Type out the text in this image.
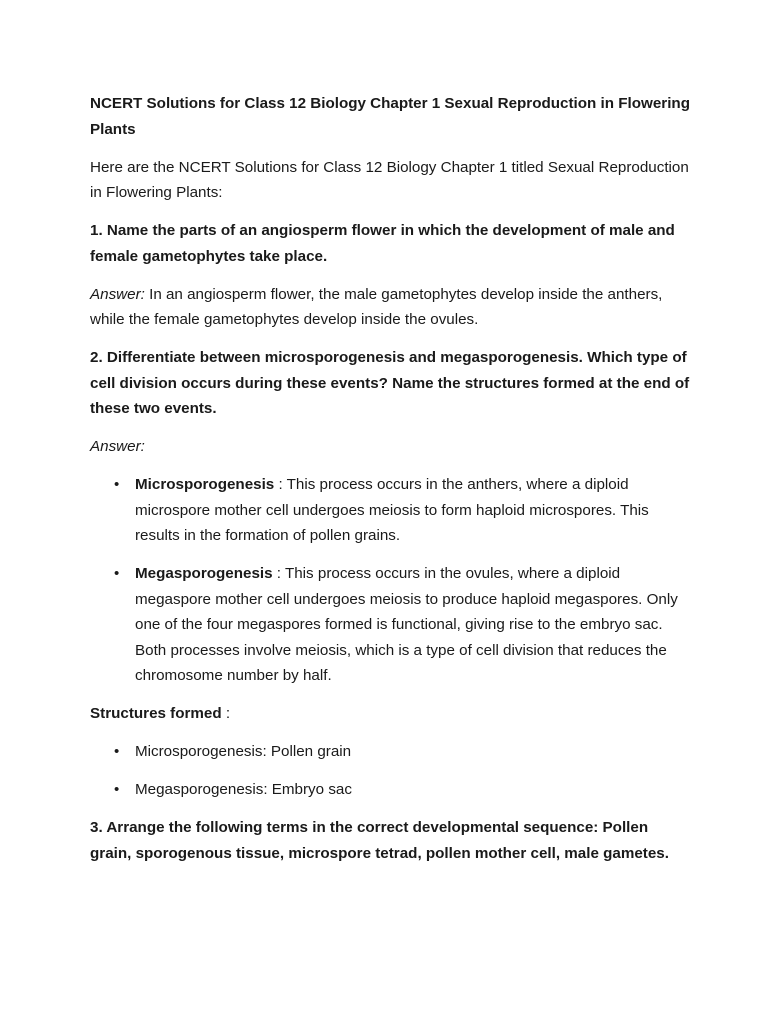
NCERT Solutions for Class 12 Biology Chapter 1 Sexual Reproduction in Flowering Plants

Here are the NCERT Solutions for Class 12 Biology Chapter 1 titled Sexual Reproduction in Flowering Plants:

1. Name the parts of an angiosperm flower in which the development of male and female gametophytes take place.

Answer: In an angiosperm flower, the male gametophytes develop inside the anthers, while the female gametophytes develop inside the ovules.

2. Differentiate between microsporogenesis and megasporogenesis. Which type of cell division occurs during these events? Name the structures formed at the end of these two events.

Answer:

• Microsporogenesis : This process occurs in the anthers, where a diploid microspore mother cell undergoes meiosis to form haploid microspores. This results in the formation of pollen grains.
• Megasporogenesis : This process occurs in the ovules, where a diploid megaspore mother cell undergoes meiosis to produce haploid megaspores. Only one of the four megaspores formed is functional, giving rise to the embryo sac. Both processes involve meiosis, which is a type of cell division that reduces the chromosome number by half.

Structures formed :

• Microsporogenesis: Pollen grain
• Megasporogenesis: Embryo sac

3. Arrange the following terms in the correct developmental sequence: Pollen grain, sporogenous tissue, microspore tetrad, pollen mother cell, male gametes.
